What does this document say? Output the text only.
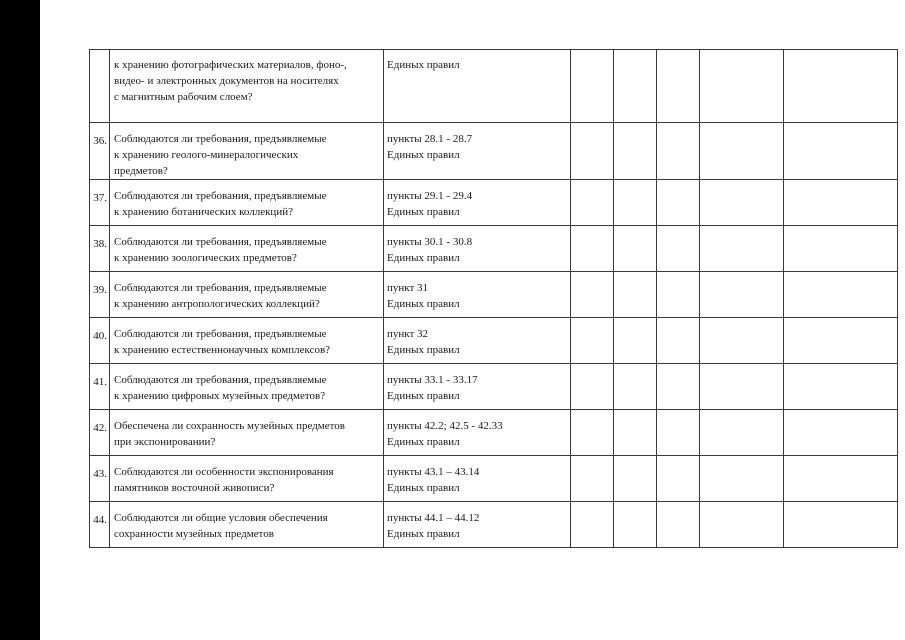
	к хранению фотографических материалов, фоно-,
видео- и электронных документов на носителях
с магнитным рабочим слоем?	Единых правил					

36.	Соблюдаются ли требования, предъявляемые
к хранению геолого-минералогических
предметов?	пункты 28.1 - 28.7
Единых правил					

37.	Соблюдаются ли требования, предъявляемые
к хранению ботанических коллекций?	пункты 29.1 - 29.4
Единых правил					

38.	Соблюдаются ли требования, предъявляемые
к хранению зоологических предметов?	пункты 30.1 - 30.8
Единых правил					

39.	Соблюдаются ли требования, предъявляемые
к хранению антропологических коллекций?	пункт 31
Единых правил					

40.	Соблюдаются ли требования, предъявляемые
к хранению естественнонаучных комплексов?	пункт 32
Единых правил					

41.	Соблюдаются ли требования, предъявляемые
к хранению цифровых музейных предметов?	пункты 33.1 - 33.17
Единых правил					

42.	Обеспечена ли сохранность музейных предметов
при экспонировании?	пункты 42.2; 42.5 - 42.33
Единых правил					

43.	Соблюдаются ли особенности экспонирования
памятников восточной живописи?	пункты 43.1 – 43.14
Единых правил					

44.	Соблюдаются ли общие условия обеспечения
сохранности музейных предметов	пункты 44.1 – 44.12
Единых правил					
